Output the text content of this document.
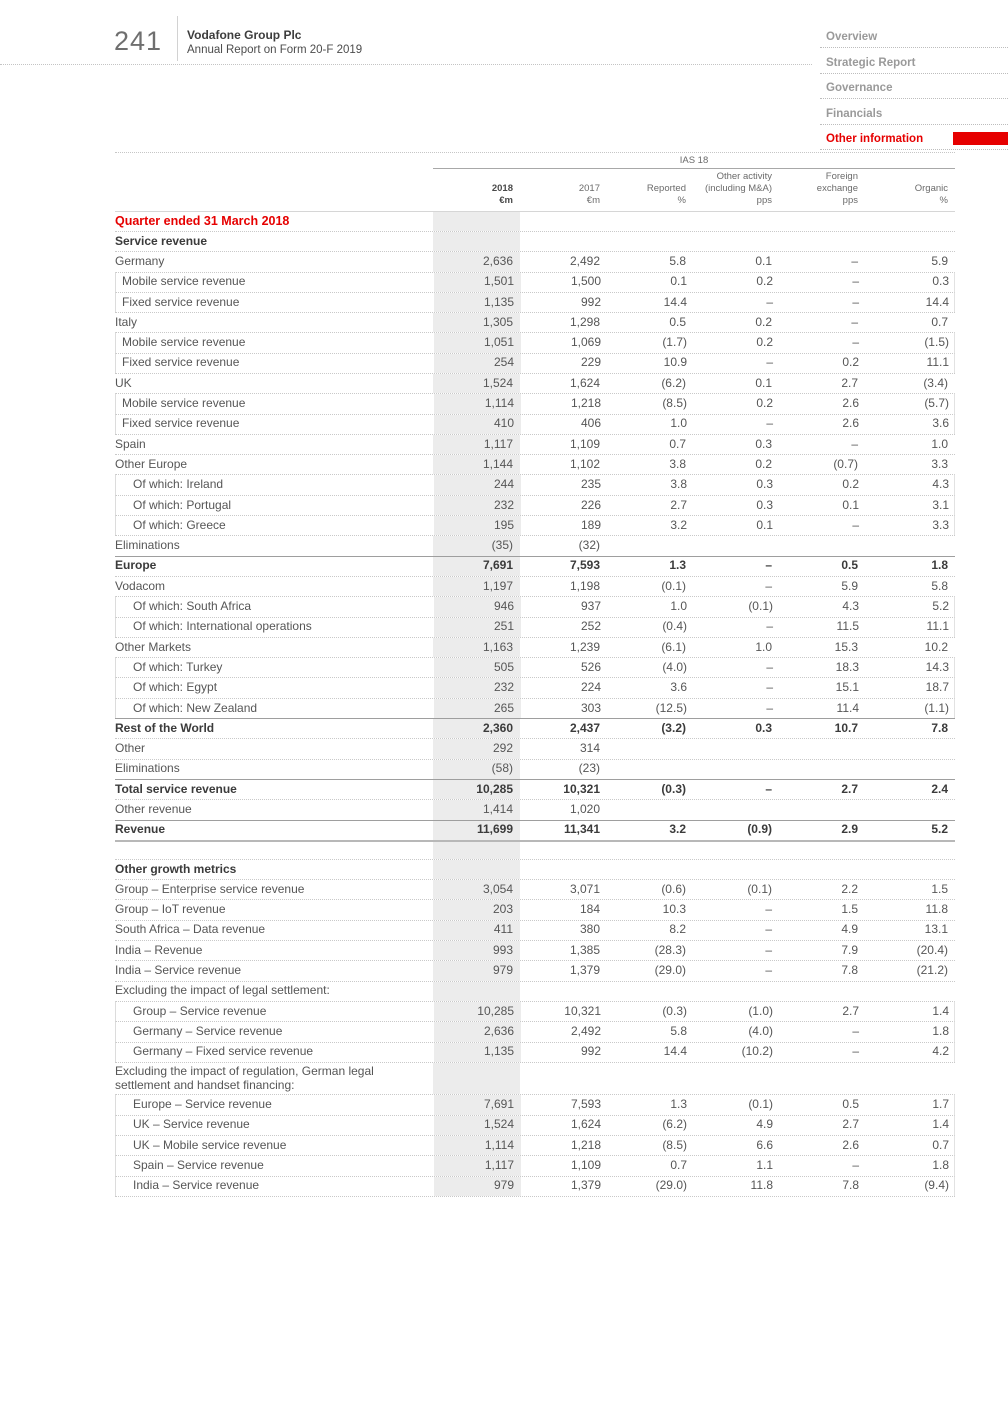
241 Vodafone Group Plc
Annual Report on Form 20-F 2019
Overview
Strategic Report
Governance
Financials
Other information
IAS 18
2018
€m
2017
€m
Reported
%
Other activity
(including M&A)
pps
Foreign
exchange
pps
Organic
%
Quarter ended 31 March 2018
Service revenue
Germany	2,636	2,492	5.8	0.1	–	5.9
Mobile service revenue	1,501	1,500	0.1	0.2	–	0.3
Fixed service revenue	1,135	992	14.4	–	–	14.4
Italy	1,305	1,298	0.5	0.2	–	0.7
Mobile service revenue	1,051	1,069	(1.7)	0.2	–	(1.5)
Fixed service revenue	254	229	10.9	–	0.2	11.1
UK	1,524	1,624	(6.2)	0.1	2.7	(3.4)
Mobile service revenue	1,114	1,218	(8.5)	0.2	2.6	(5.7)
Fixed service revenue	410	406	1.0	–	2.6	3.6
Spain	1,117	1,109	0.7	0.3	–	1.0
Other Europe	1,144	1,102	3.8	0.2	(0.7)	3.3
Of which: Ireland	244	235	3.8	0.3	0.2	4.3
Of which: Portugal	232	226	2.7	0.3	0.1	3.1
Of which: Greece	195	189	3.2	0.1	–	3.3
Eliminations	(35)	(32)
Europe	7,691	7,593	1.3	–	0.5	1.8
Vodacom	1,197	1,198	(0.1)	–	5.9	5.8
Of which: South Africa	946	937	1.0	(0.1)	4.3	5.2
Of which: International operations	251	252	(0.4)	–	11.5	11.1
Other Markets	1,163	1,239	(6.1)	1.0	15.3	10.2
Of which: Turkey	505	526	(4.0)	–	18.3	14.3
Of which: Egypt	232	224	3.6	–	15.1	18.7
Of which: New Zealand	265	303	(12.5)	–	11.4	(1.1)
Rest of the World	2,360	2,437	(3.2)	0.3	10.7	7.8
Other	292	314
Eliminations	(58)	(23)
Total service revenue	10,285	10,321	(0.3)	–	2.7	2.4
Other revenue	1,414	1,020
Revenue	11,699	11,341	3.2	(0.9)	2.9	5.2
Other growth metrics
Group – Enterprise service revenue	3,054	3,071	(0.6)	(0.1)	2.2	1.5
Group – IoT revenue	203	184	10.3	–	1.5	11.8
South Africa – Data revenue	411	380	8.2	–	4.9	13.1
India – Revenue	993	1,385	(28.3)	–	7.9	(20.4)
India – Service revenue	979	1,379	(29.0)	–	7.8	(21.2)
Excluding the impact of legal settlement:
Group – Service revenue	10,285	10,321	(0.3)	(1.0)	2.7	1.4
Germany – Service revenue	2,636	2,492	5.8	(4.0)	–	1.8
Germany – Fixed service revenue	1,135	992	14.4	(10.2)	–	4.2
Excluding the impact of regulation, German legal settlement and handset financing:
Europe – Service revenue	7,691	7,593	1.3	(0.1)	0.5	1.7
UK – Service revenue	1,524	1,624	(6.2)	4.9	2.7	1.4
UK – Mobile service revenue	1,114	1,218	(8.5)	6.6	2.6	0.7
Spain – Service revenue	1,117	1,109	0.7	1.1	–	1.8
India – Service revenue	979	1,379	(29.0)	11.8	7.8	(9.4)
